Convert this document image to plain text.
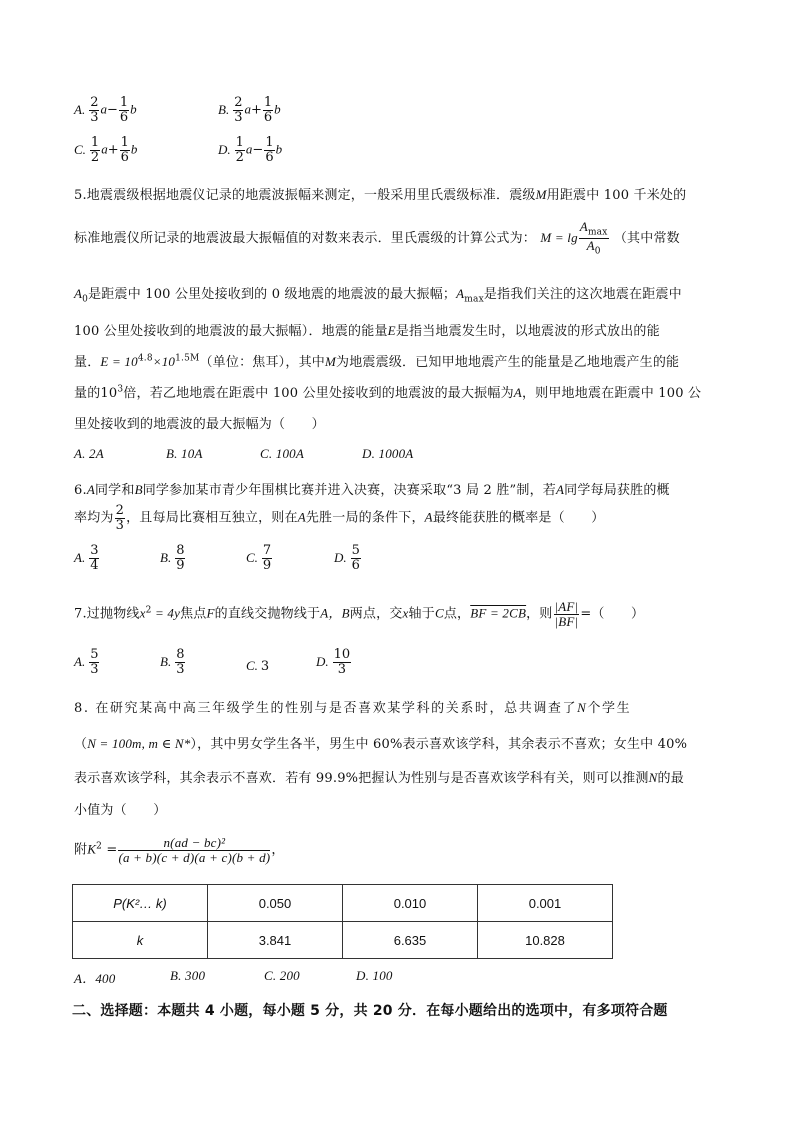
A. $\frac{2}{3} a- \frac{1}{6}$ b	B. $\frac{2}{3} a+ \frac{1}{6}$ b
C. $\frac{1}{2} a+ \frac{1}{6}$ b	D. $\frac{1}{2} a- \frac{1}{6}$ b
5.地震震级根据地震仪记录的地震波振幅来测定，一般采用里氏震级标准．震级M用距震中 100 千米处的
标准地震仪所记录的地震波最大振幅值的对数来表示．里氏震级的计算公式为： $M = \lg \frac{A_{max}}{A_0}$ （其中常数
$A_0$是距震中 100 公里处接收到的 0 级地震的地震波的最大振幅；$A_{max}$是指我们关注的这次地震在距震中
100 公里处接收到的地震波的最大振幅）．地震的能量E是指当地震发生时，以地震波的形式放出的能
量．$E = 10^{4.8}\times 10^{1.5M}$（单位：焦耳），其中M为地震震级．已知甲地地震产生的能量是乙地地震产生的能
量的$10^3$倍，若乙地地震在距震中 100 公里处接收到的地震波的最大振幅为A，则甲地地震在距震中 100 公
里处接收到的地震波的最大振幅为（　　）
A. 2A	B. 10A	C. 100A	D. 1000A
6.A同学和B同学参加某市青少年围棋比赛并进入决赛，决赛采取“3 局 2 胜”制，若A同学每局获胜的概
率均为 $\frac{2}{3}$ ，且每局比赛相互独立，则在A先胜一局的条件下，A最终能获胜的概率是（　　）
A. $\frac{3}{4}$	B. $\frac{8}{9}$	C. $\frac{7}{9}$	D. $\frac{5}{6}$
7.过抛物线$x^2 = 4y$焦点F的直线交抛物线于A，B两点，交x轴于C点，BF = 2CB，则 $\frac{|AF|}{|BF|}$ =（　　）
A. $\frac{5}{3}$	B. $\frac{8}{3}$	C. 3	D. $\frac{10}{3}$
8. 在研究某高中高三年级学生的性别与是否喜欢某学科的关系时，总共调查了N个学生
（N = 100m, m ∈ N*），其中男女学生各半，男生中 60%表示喜欢该学科，其余表示不喜欢；女生中 40%
表示喜欢该学科，其余表示不喜欢．若有 99.9%把握认为性别与是否喜欢该学科有关，则可以推测N的最
小值为（　　）
附$K^2 = \frac{\text{n(ad − bc)²}}{(a + b)(c + d)(a + c)(b + d)}$ ，
P(K²… k)	0.050	0.010	0.001
k	3.841	6.635	10.828
A．400	B. 300	C. 200	D. 100
二、选择题：本题共 4 小题，每小题 5 分，共 20 分．在每小题给出的选项中，有多项符合题
